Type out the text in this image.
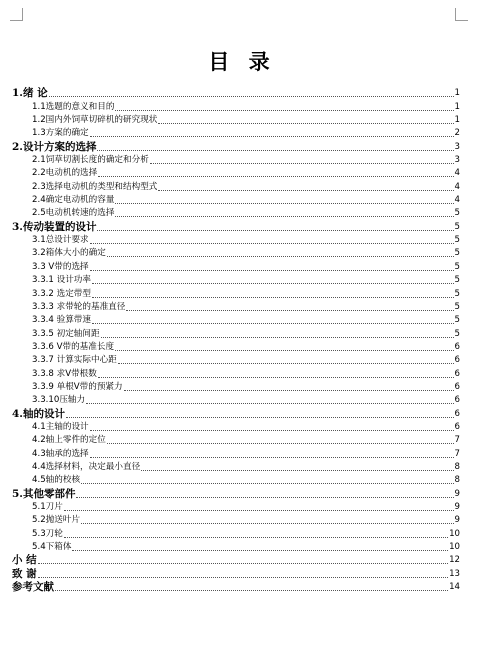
目 录
1.绪 论	1
1.1选题的意义和目的	1
1.2国内外饲草切碎机的研究现状	1
1.3方案的确定	2
2.设计方案的选择	3
2.1饲草切割长度的确定和分析	3
2.2电动机的选择	4
2.3选择电动机的类型和结构型式	4
2.4确定电动机的容量	4
2.5电动机转速的选择	5
3.传动装置的设计	5
3.1总设计要求	5
3.2箱体大小的确定	5
3.3 V带的选择	5
3.3.1 设计功率	5
3.3.2 选定带型	5
3.3.3 求带轮的基准直径	5
3.3.4 验算带速	5
3.3.5 初定轴间距	5
3.3.6 V带的基准长度	6
3.3.7 计算实际中心距	6
3.3.8 求V带根数	6
3.3.9 单根V带的预紧力	6
3.3.10压轴力	6
4.轴的设计	6
4.1主轴的设计	6
4.2轴上零件的定位	7
4.3轴承的选择	7
4.4选择材料，决定最小直径	8
4.5轴的校核	8
5.其他零部件	9
5.1刀片	9
5.2抛送叶片	9
5.3刀轮	10
5.4下箱体	10
小 结	12
致 谢	13
参考文献	14
